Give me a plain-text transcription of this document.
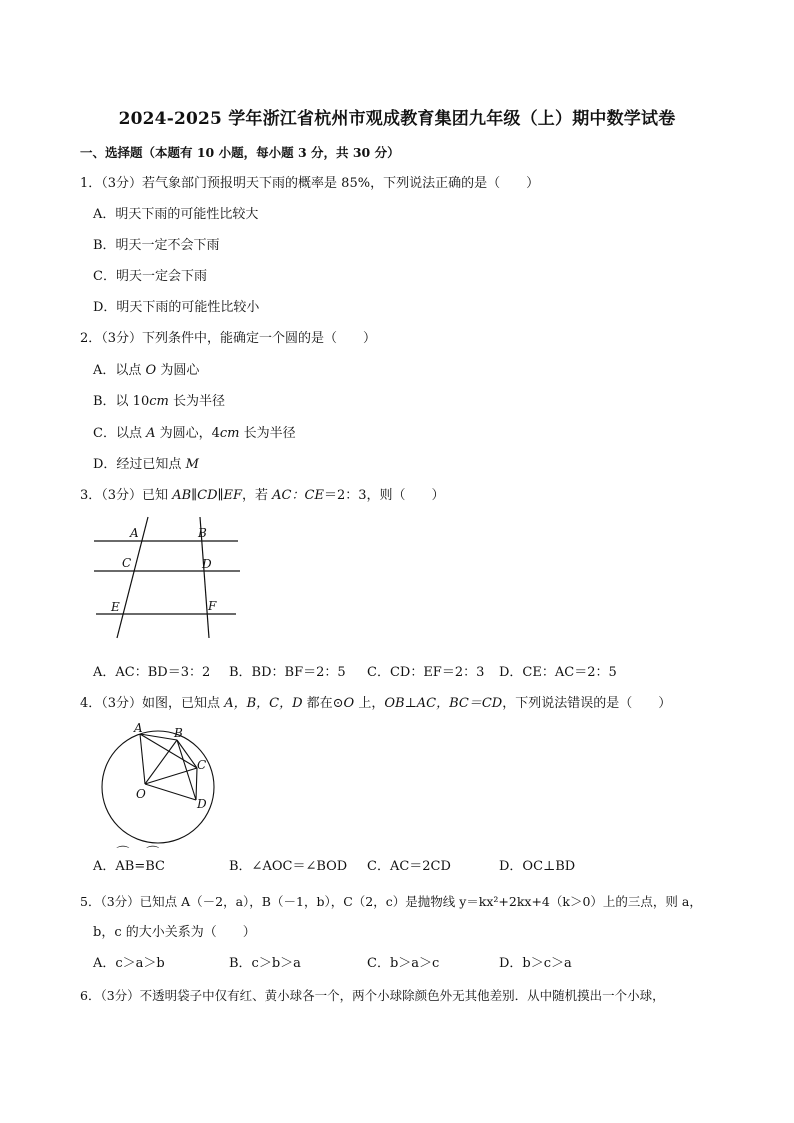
2024-2025 学年浙江省杭州市观成教育集团九年级（上）期中数学试卷
一、选择题（本题有 10 小题，每小题 3 分，共 30 分）
1．（3分）若气象部门预报明天下雨的概率是 85%，下列说法正确的是（　　）
A．明天下雨的可能性比较大
B．明天一定不会下雨
C．明天一定会下雨
D．明天下雨的可能性比较小
2．（3分）下列条件中，能确定一个圆的是（　　）
A．以点 O 为圆心
B．以 10cm 长为半径
C．以点 A 为圆心，4cm 长为半径
D．经过已知点 M
3．（3分）已知 AB∥CD∥EF，若 AC：CE＝2：3，则（　　）
A	B
C	D
E	F
A．AC：BD＝3：2 B．BD：BF＝2：5 C．CD：EF＝2：3 D．CE：AC＝2：5
4．（3分）如图，已知点 A，B，C，D 都在⊙O 上，OB⊥AC，BC＝CD，下列说法错误的是（　　）
A	B
C
D
O
A．⌒ AB=⌒ BC	B．∠AOC＝∠BOD C．AC＝2CD	D．OC⊥BD
5．（3分）已知点 A（－2，a），B（－1，b），C（2，c）是抛物线 y＝kx²+2kx+4（k＞0）上的三点，则 a，
b，c 的大小关系为（　　）
A．c＞a＞b	B．c＞b＞a	C．b＞a＞c	D．b＞c＞a
6．（3分）不透明袋子中仅有红、黄小球各一个，两个小球除颜色外无其他差别．从中随机摸出一个小球，
